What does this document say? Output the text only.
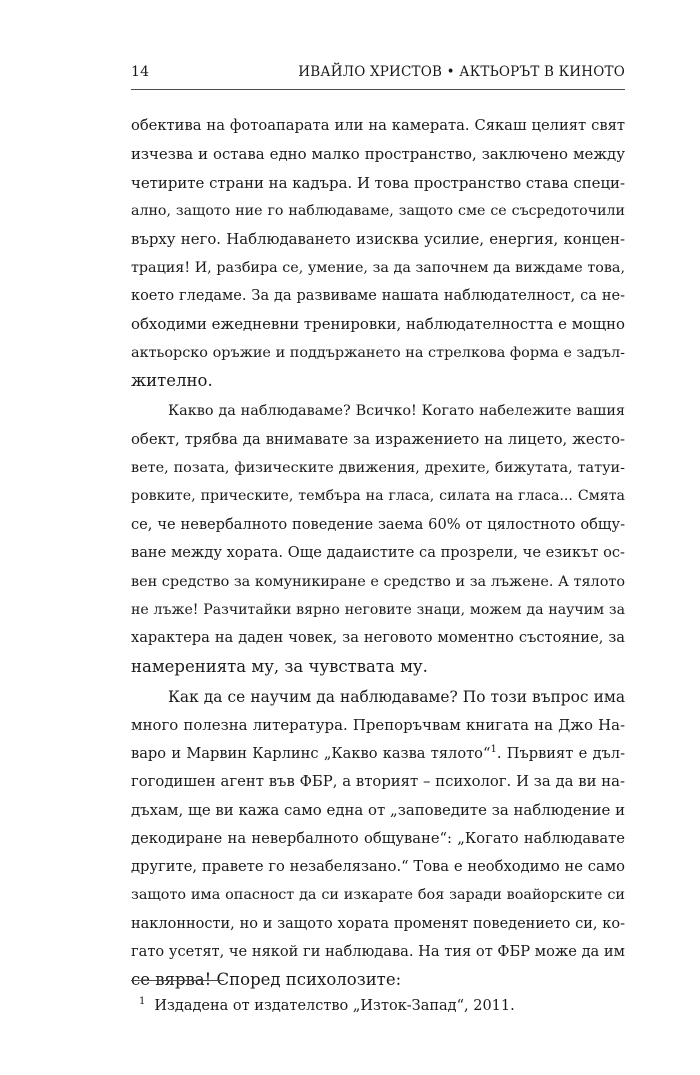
14	ИВАЙЛО ХРИСТОВ • АКТЬОРЪТ В КИНОТО
обектива на фотоапарата или на камерата. Сякаш целият свят
изчезва и остава едно малко пространство, заключено между
четирите страни на кадъра. И това пространство става специ-
ално, защото ние го наблюдаваме, защото сме се съсредоточили
върху него. Наблюдаването изисква усилие, енергия, концен-
трация! И, разбира се, умение, за да започнем да виждаме това,
което гледаме. За да развиваме нашата наблюдателност, са не-
обходими ежедневни тренировки, наблюдателността е мощно
актьорско оръжие и поддържането на стрелкова форма е задъл-
жително.
Какво да наблюдаваме? Всичко! Когато набележите вашия
обект, трябва да внимавате за изражението на лицето, жесто-
вете, позата, физическите движения, дрехите, бижутата, татуи-
ровките, прическите, тембъра на гласа, силата на гласа... Смята
се, че невербалното поведение заема 60% от цялостното общу-
ване между хората. Още дадаистите са прозрели, че езикът ос-
вен средство за комуникиране е средство и за лъжене. А тялото
не лъже! Разчитайки вярно неговите знаци, можем да научим за
характера на даден човек, за неговото моментно състояние, за
намеренията му, за чувствата му.
Как да се научим да наблюдаваме? По този въпрос има
много полезна литература. Препоръчвам книгата на Джо На-
варо и Марвин Карлинс „Какво казва тялото“$^1$. Първият е дъл-
гогодишен агент във ФБР, а вторият – психолог. И за да ви на-
дъхам, ще ви кажа само една от „заповедите за наблюдение и
декодиране на невербалното общуване“: „Когато наблюдавате
другите, правете го незабелязано.“ Това е необходимо не само
защото има опасност да си изкарате боя заради воайорските си
наклонности, но и защото хората променят поведението си, ко-
гато усетят, че някой ги наблюдава. На тия от ФБР може да им
се вярва! Според психолозите:
1 Издадена от издателство „Изток-Запад“, 2011.
